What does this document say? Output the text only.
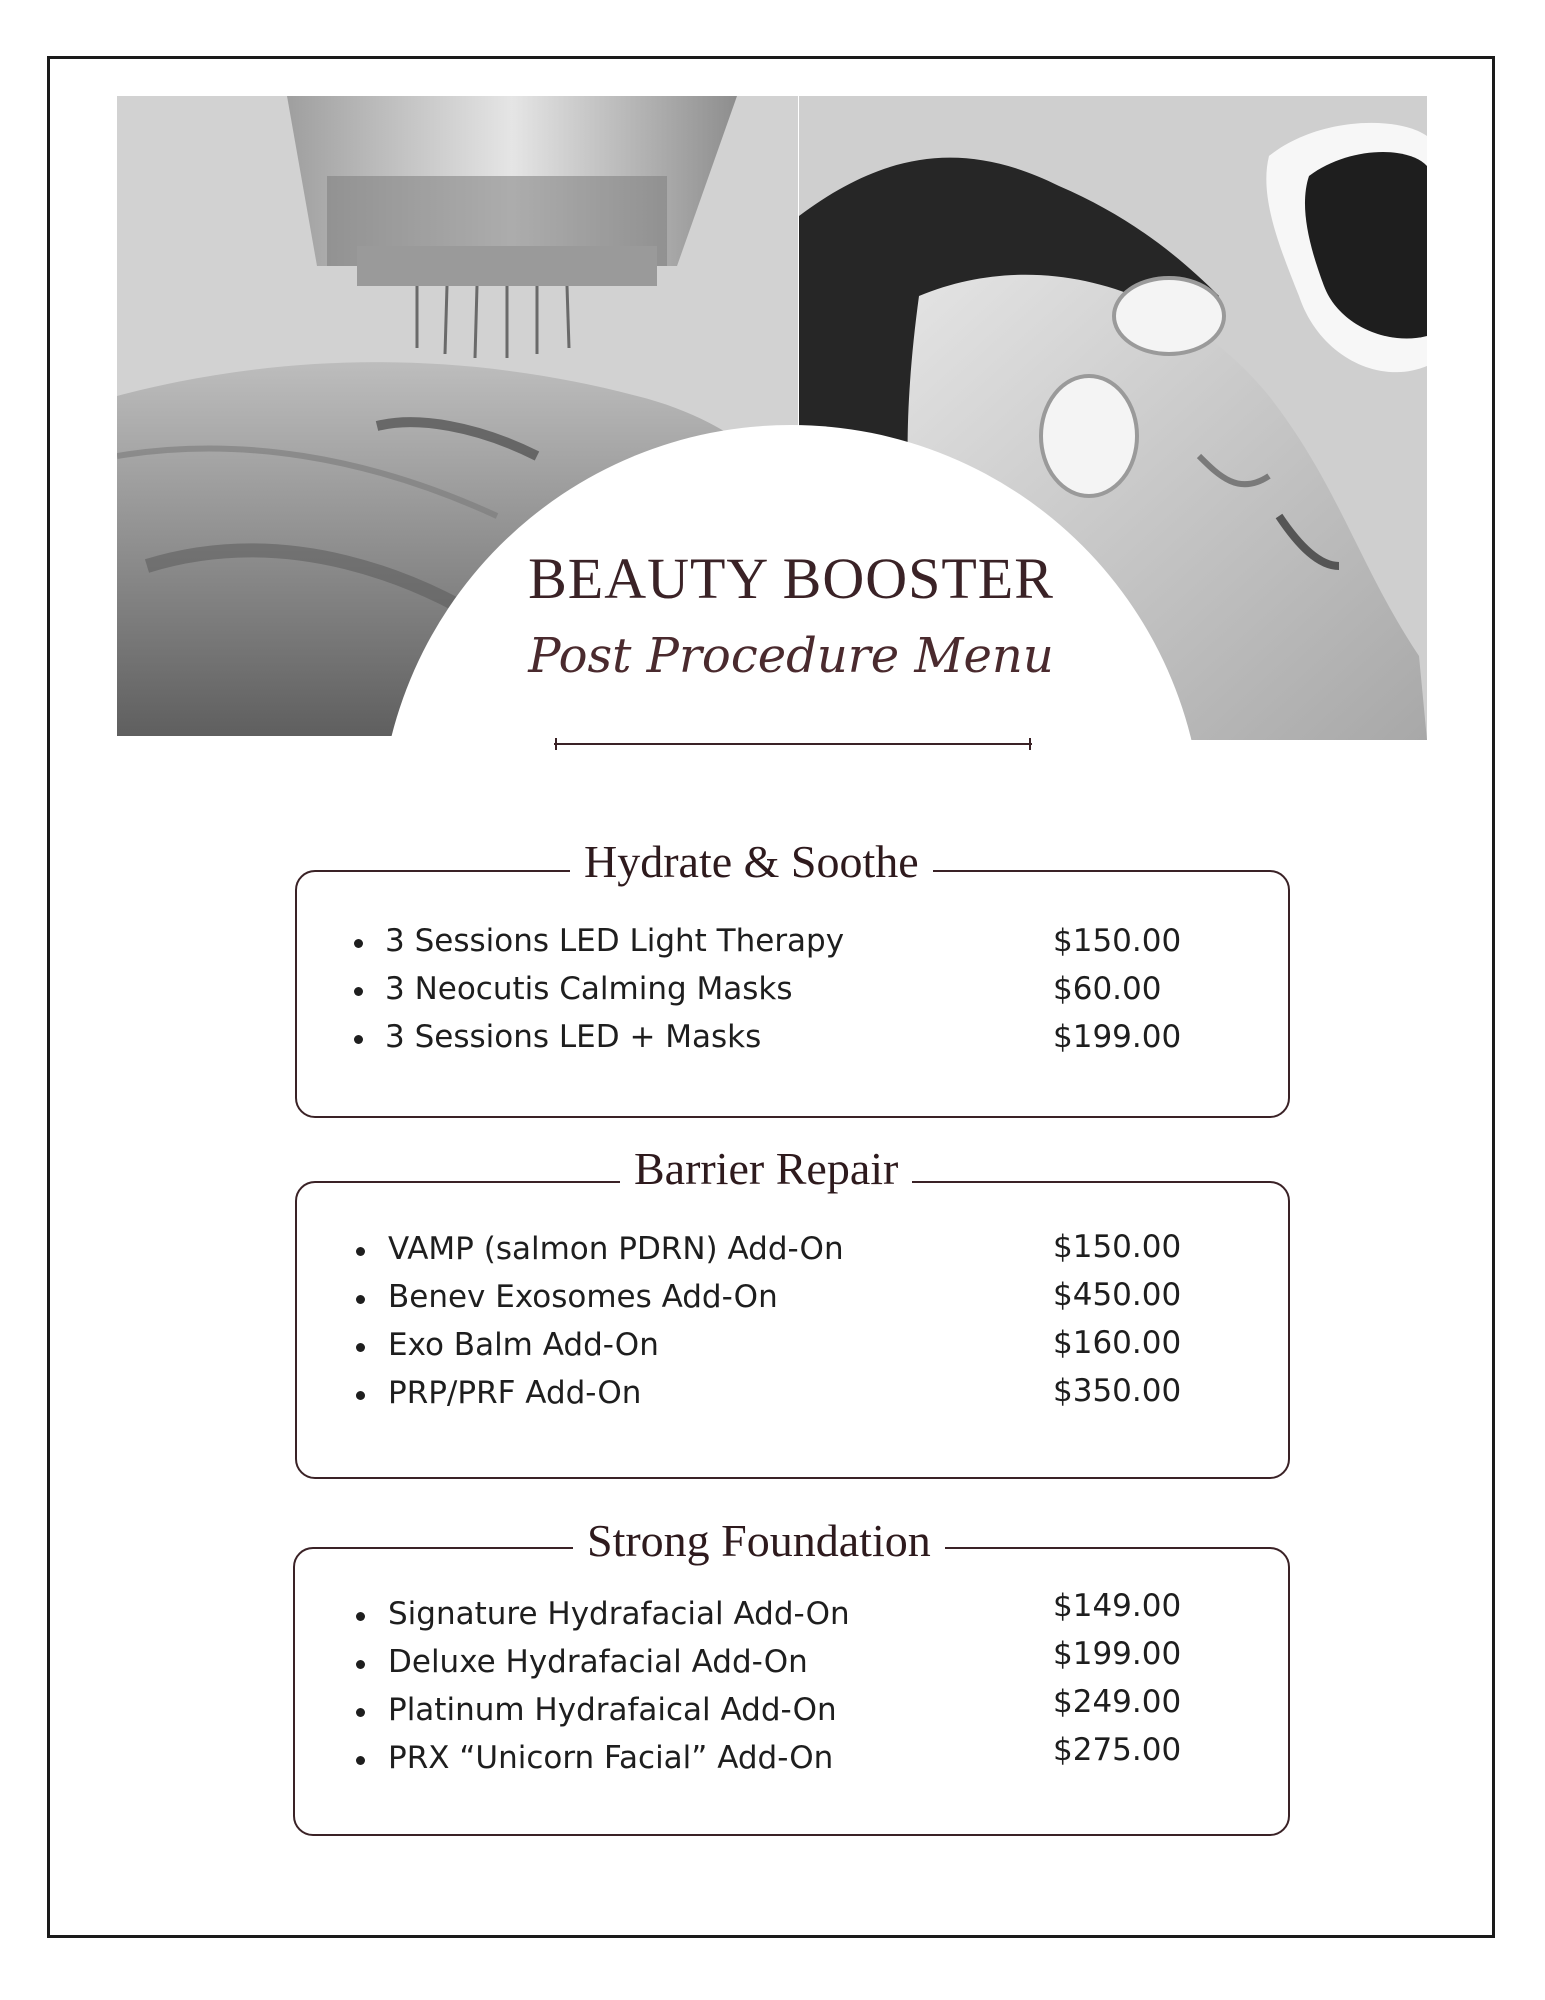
BEAUTY BOOSTER
Post Procedure Menu
Hydrate & Soothe
3 Sessions LED Light Therapy	$150.00
3 Neocutis Calming Masks	$60.00
3 Sessions LED + Masks	$199.00
Barrier Repair
VAMP (salmon PDRN) Add-On	$150.00
Benev Exosomes Add-On	$450.00
Exo Balm Add-On	$160.00
PRP/PRF Add-On	$350.00
Strong Foundation
Signature Hydrafacial Add-On	$149.00
Deluxe Hydrafacial Add-On	$199.00
Platinum Hydrafaical Add-On	$249.00
PRX “Unicorn Facial” Add-On	$275.00
